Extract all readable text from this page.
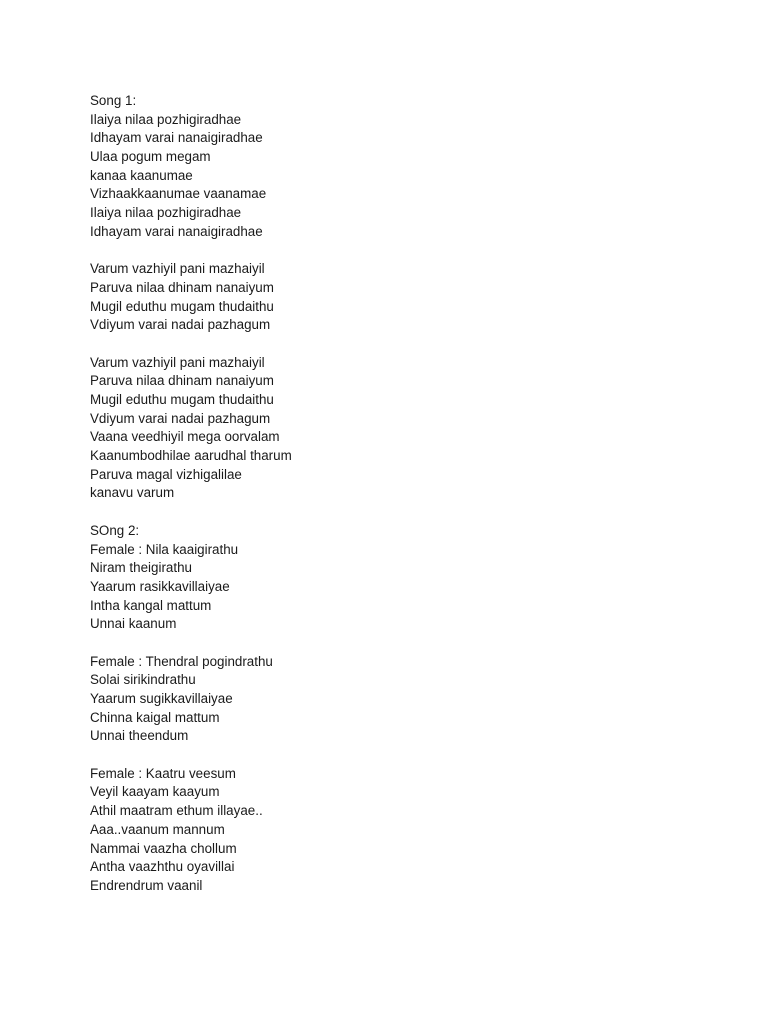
Song 1:
Ilaiya nilaa pozhigiradhae
Idhayam varai nanaigiradhae
Ulaa pogum megam
kanaa kaanumae
Vizhaakkaanumae vaanamae
Ilaiya nilaa pozhigiradhae
Idhayam varai nanaigiradhae
Varum vazhiyil pani mazhaiyil
Paruva nilaa dhinam nanaiyum
Mugil eduthu mugam thudaithu
Vdiyum varai nadai pazhagum
Varum vazhiyil pani mazhaiyil
Paruva nilaa dhinam nanaiyum
Mugil eduthu mugam thudaithu
Vdiyum varai nadai pazhagum
Vaana veedhiyil mega oorvalam
Kaanumbodhilae aarudhal tharum
Paruva magal vizhigalilae
kanavu varum
SOng 2:
Female : Nila kaaigirathu
Niram theigirathu
Yaarum rasikkavillaiyae
Intha kangal mattum
Unnai kaanum
Female : Thendral pogindrathu
Solai sirikindrathu
Yaarum sugikkavillaiyae
Chinna kaigal mattum
Unnai theendum
Female : Kaatru veesum
Veyil kaayam kaayum
Athil maatram ethum illayae..
Aaa..vaanum mannum
Nammai vaazha chollum
Antha vaazhthu oyavillai
Endrendrum vaanil
